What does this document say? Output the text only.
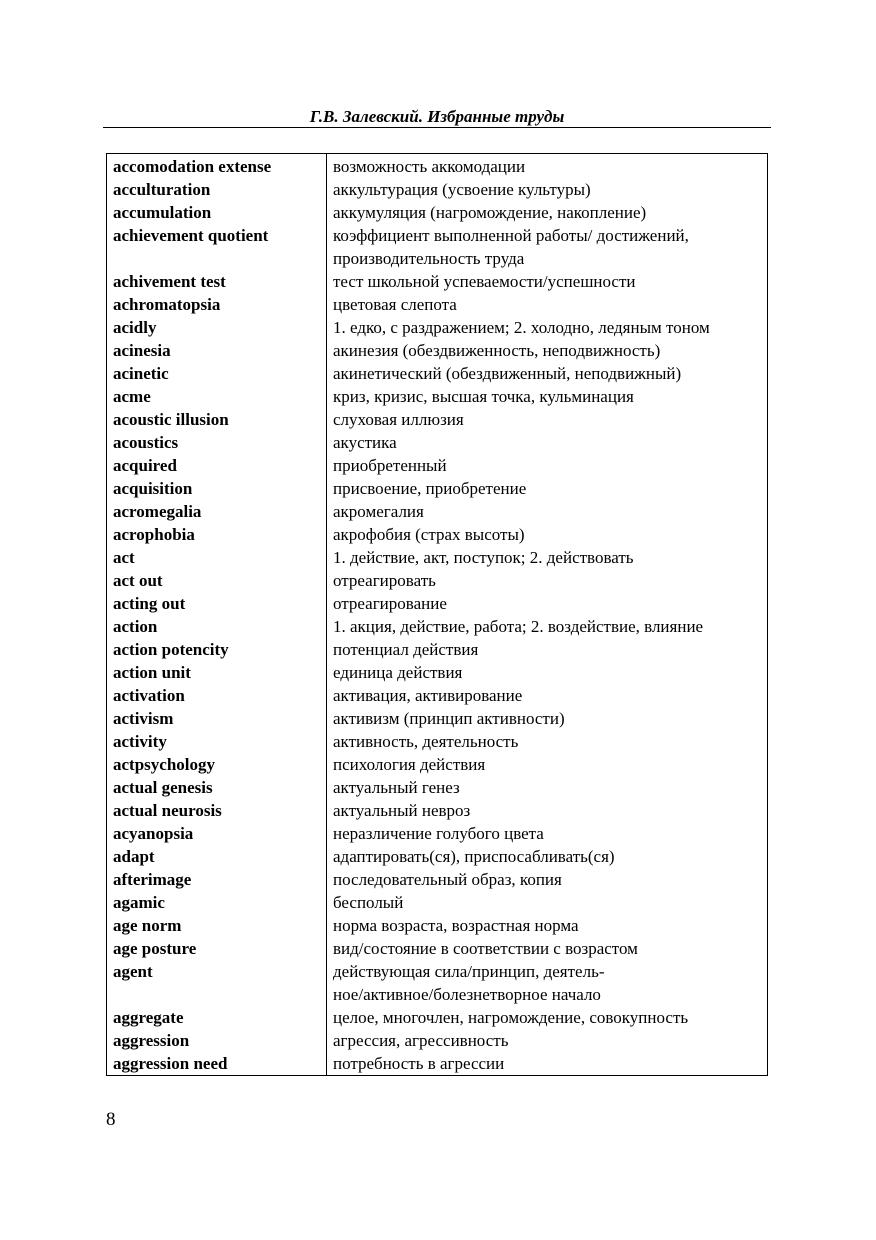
Г.В. Залевский. Избранные труды
accomodation extense	возможность аккомодации

acculturation	аккультурация (усвоение культуры)

accumulation	аккумуляция (нагромождение, накопление)

achievement quotient	коэффициент выполненной работы/ достижений,
производительность труда

achivement test	тест школьной успеваемости/успешности

achromatopsia	цветовая слепота

acidly	1. едко, с раздражением; 2. холодно, ледяным тоном

acinesia	акинезия (обездвиженность, неподвижность)

acinetic	акинетический (обездвиженный, неподвижный)

acme	криз, кризис, высшая точка, кульминация

acoustic illusion	слуховая иллюзия

acoustics	акустика

acquired	приобретенный

acquisition	присвоение, приобретение

acromegalia	акромегалия

acrophobia	акрофобия (страх высоты)

act	1. действие, акт, поступок; 2. действовать

act out	отреагировать

acting out	отреагирование

action	1. акция, действие, работа; 2. воздействие, влияние

action potencity	потенциал действия

action unit	единица действия

activation	активация, активирование

activism	активизм (принцип активности)

activity	активность, деятельность

actpsychology	психология действия

actual genesis	актуальный генез

actual neurosis	актуальный невроз

acyanopsia	неразличение голубого цвета

adapt	адаптировать(ся), приспосабливать(ся)

afterimage	последовательный образ, копия

agamic	бесполый

age norm	норма возраста, возрастная норма

age posture	вид/состояние в соответствии с возрастом

agent	действующая сила/принцип, деятель-
ное/активное/болезнетворное начало

aggregate	целое, многочлен, нагромождение, совокупность

aggression	агрессия, агрессивность

aggression need	потребность в агрессии
8
